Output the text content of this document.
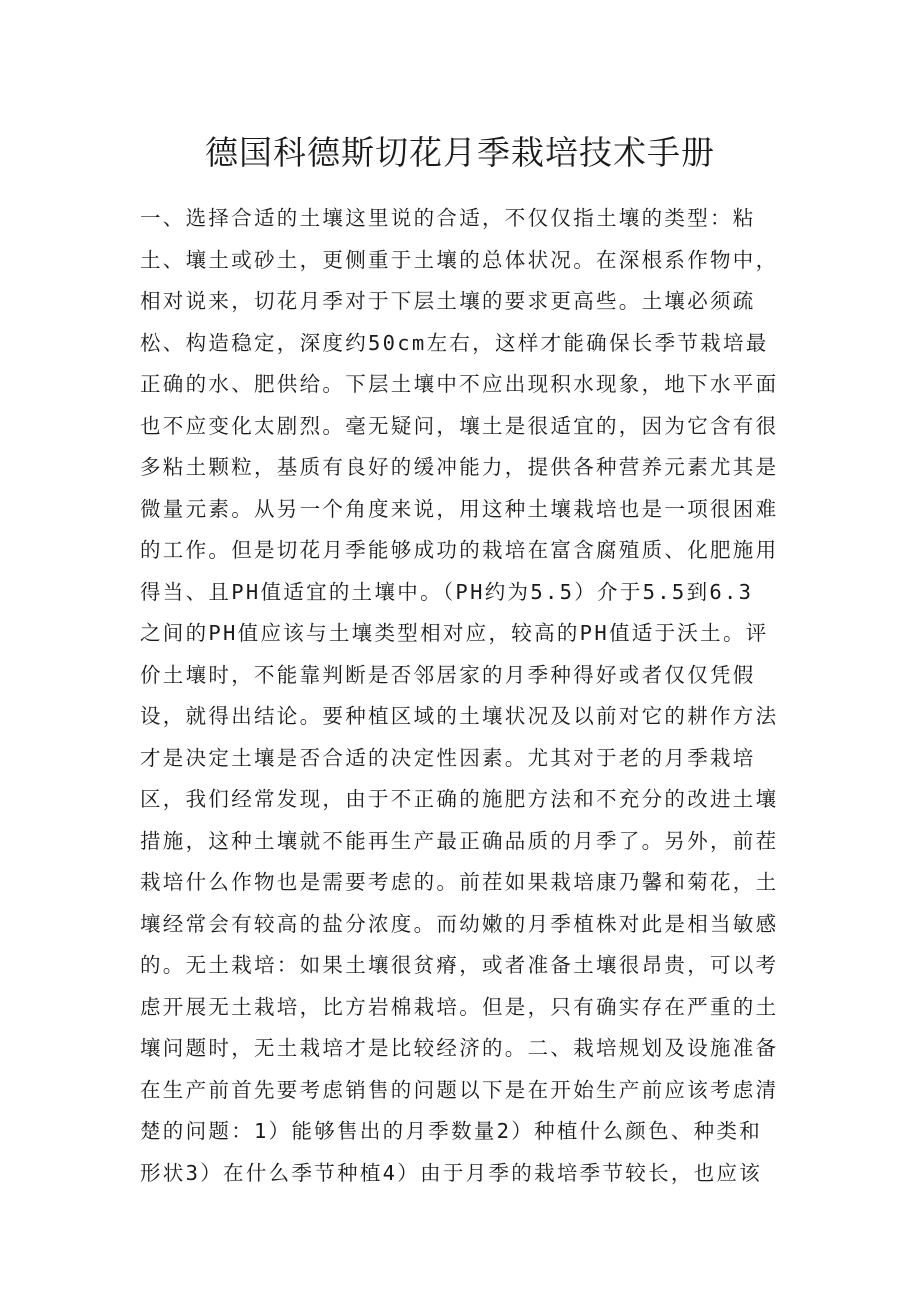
德国科德斯切花月季栽培技术手册
一、选择合适的土壤这里说的合适，不仅仅指土壤的类型：粘
土、壤土或砂土，更侧重于土壤的总体状况。在深根系作物中，
相对说来，切花月季对于下层土壤的要求更高些。土壤必须疏
松、构造稳定，深度约50cm左右，这样才能确保长季节栽培最
正确的水、肥供给。下层土壤中不应出现积水现象，地下水平面
也不应变化太剧烈。毫无疑问，壤土是很适宜的，因为它含有很
多粘土颗粒，基质有良好的缓冲能力，提供各种营养元素尤其是
微量元素。从另一个角度来说，用这种土壤栽培也是一项很困难
的工作。但是切花月季能够成功的栽培在富含腐殖质、化肥施用
得当、且PH值适宜的土壤中。（PH约为5.5）介于5.5到6.3
之间的PH值应该与土壤类型相对应，较高的PH值适于沃土。评
价土壤时，不能靠判断是否邻居家的月季种得好或者仅仅凭假
设，就得出结论。要种植区域的土壤状况及以前对它的耕作方法
才是决定土壤是否合适的决定性因素。尤其对于老的月季栽培
区，我们经常发现，由于不正确的施肥方法和不充分的改进土壤
措施，这种土壤就不能再生产最正确品质的月季了。另外，前茬
栽培什么作物也是需要考虑的。前茬如果栽培康乃馨和菊花，土
壤经常会有较高的盐分浓度。而幼嫩的月季植株对此是相当敏感
的。无土栽培：如果土壤很贫瘠，或者准备土壤很昂贵，可以考
虑开展无土栽培，比方岩棉栽培。但是，只有确实存在严重的土
壤问题时，无土栽培才是比较经济的。二、栽培规划及设施准备
在生产前首先要考虑销售的问题以下是在开始生产前应该考虑清
楚的问题：1）能够售出的月季数量2）种植什么颜色、种类和
形状3）在什么季节种植4）由于月季的栽培季节较长，也应该
